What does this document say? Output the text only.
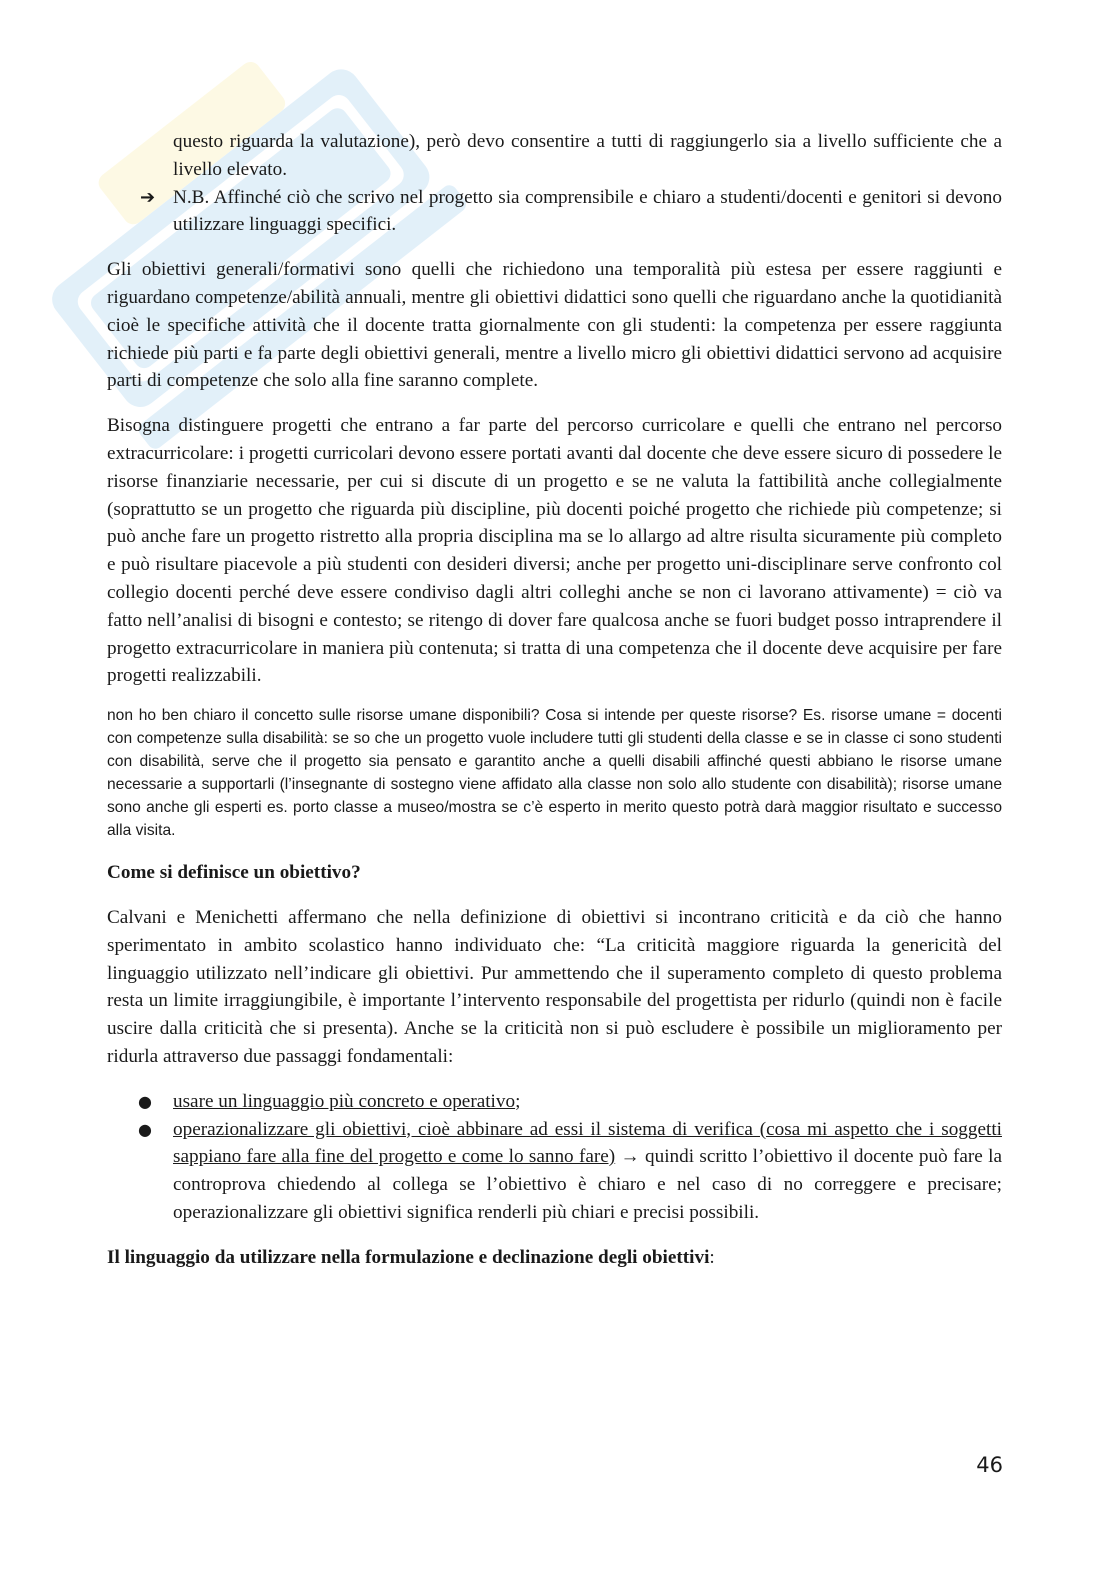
questo riguarda la valutazione), però devo consentire a tutti di raggiungerlo sia a livello sufficiente che a livello elevato.

➔ N.B. Affinché ciò che scrivo nel progetto sia comprensibile e chiaro a studenti/docenti e genitori si devono utilizzare linguaggi specifici.

Gli obiettivi generali/formativi sono quelli che richiedono una temporalità più estesa per essere raggiunti e riguardano competenze/abilità annuali, mentre gli obiettivi didattici sono quelli che riguardano anche la quotidianità cioè le specifiche attività che il docente tratta giornalmente con gli studenti: la competenza per essere raggiunta richiede più parti e fa parte degli obiettivi generali, mentre a livello micro gli obiettivi didattici servono ad acquisire parti di competenze che solo alla fine saranno complete.

Bisogna distinguere progetti che entrano a far parte del percorso curricolare e quelli che entrano nel percorso extracurricolare: i progetti curricolari devono essere portati avanti dal docente che deve essere sicuro di possedere le risorse finanziarie necessarie, per cui si discute di un progetto e se ne valuta la fattibilità anche collegialmente (soprattutto se un progetto che riguarda più discipline, più docenti poiché progetto che richiede più competenze; si può anche fare un progetto ristretto alla propria disciplina ma se lo allargo ad altre risulta sicuramente più completo e può risultare piacevole a più studenti con desideri diversi; anche per progetto uni-disciplinare serve confronto col collegio docenti perché deve essere condiviso dagli altri colleghi anche se non ci lavorano attivamente) = ciò va fatto nell’analisi di bisogni e contesto; se ritengo di dover fare qualcosa anche se fuori budget posso intraprendere il progetto extracurricolare in maniera più contenuta; si tratta di una competenza che il docente deve acquisire per fare progetti realizzabili.

non ho ben chiaro il concetto sulle risorse umane disponibili? Cosa si intende per queste risorse? Es. risorse umane = docenti con competenze sulla disabilità: se so che un progetto vuole includere tutti gli studenti della classe e se in classe ci sono studenti con disabilità, serve che il progetto sia pensato e garantito anche a quelli disabili affinché questi abbiano le risorse umane necessarie a supportarli (l’insegnante di sostegno viene affidato alla classe non solo allo studente con disabilità); risorse umane sono anche gli esperti es. porto classe a museo/mostra se c’è esperto in merito questo potrà darà maggior risultato e successo alla visita.

Come si definisce un obiettivo?

Calvani e Menichetti affermano che nella definizione di obiettivi si incontrano criticità e da ciò che hanno sperimentato in ambito scolastico hanno individuato che: “La criticità maggiore riguarda la genericità del linguaggio utilizzato nell’indicare gli obiettivi. Pur ammettendo che il superamento completo di questo problema resta un limite irraggiungibile, è importante l’intervento responsabile del progettista per ridurlo (quindi non è facile uscire dalla criticità che si presenta). Anche se la criticità non si può escludere è possibile un miglioramento per ridurla attraverso due passaggi fondamentali:

● usare un linguaggio più concreto e operativo;

● operazionalizzare gli obiettivi, cioè abbinare ad essi il sistema di verifica (cosa mi aspetto che i soggetti sappiano fare alla fine del progetto e come lo sanno fare) → quindi scritto l’obiettivo il docente può fare la controprova chiedendo al collega se l’obiettivo è chiaro e nel caso di no correggere e precisare; operazionalizzare gli obiettivi significa renderli più chiari e precisi possibili.

Il linguaggio da utilizzare nella formulazione e declinazione degli obiettivi:

46
